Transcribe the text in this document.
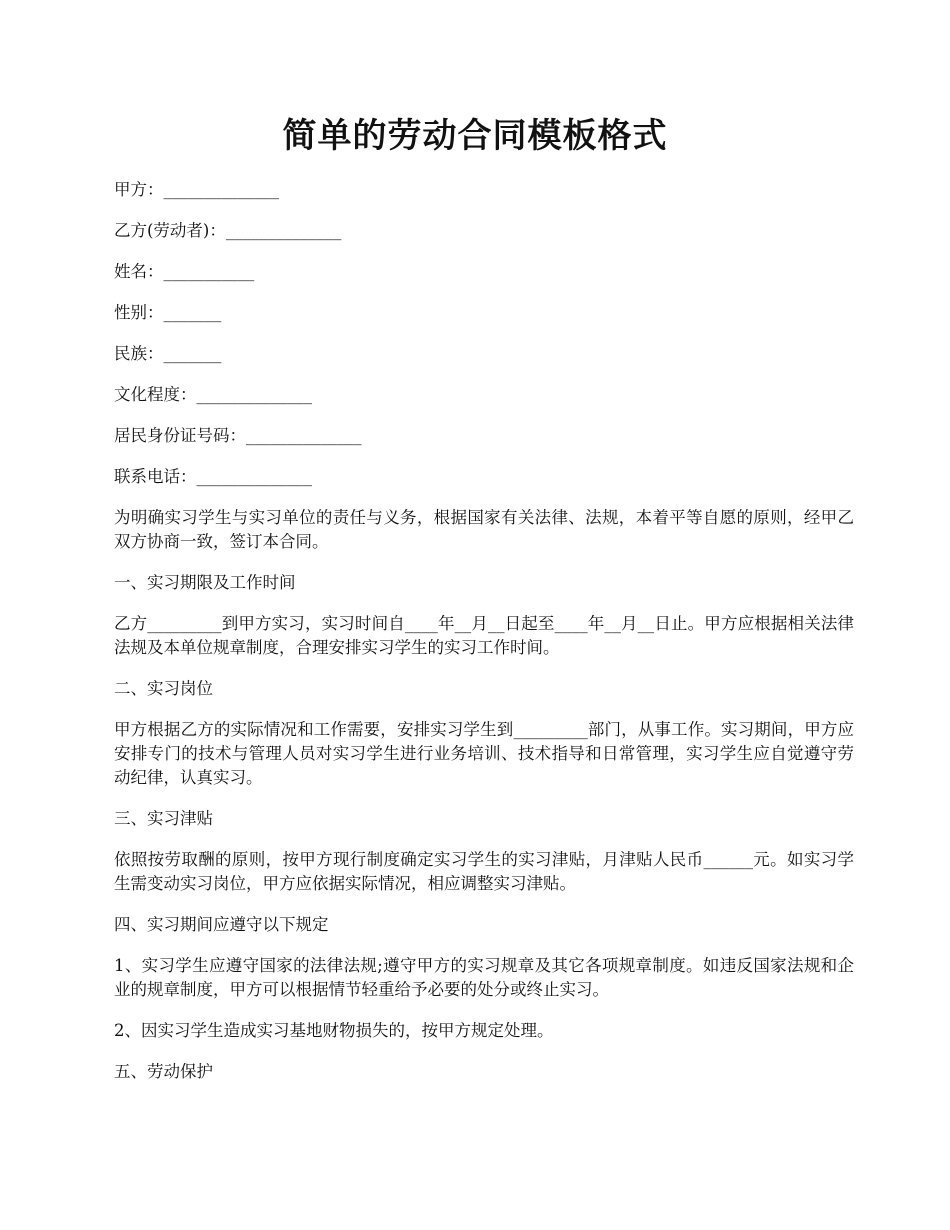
简单的劳动合同模板格式
甲方：______________
乙方(劳动者)：______________
姓名：___________
性别：_______
民族：_______
文化程度：______________
居民身份证号码：______________
联系电话：______________
为明确实习学生与实习单位的责任与义务，根据国家有关法律、法规，本着平等自愿的原则，经甲乙双方协商一致，签订本合同。
一、实习期限及工作时间
乙方_________到甲方实习，实习时间自____年__月__日起至____年__月__日止。甲方应根据相关法律法规及本单位规章制度，合理安排实习学生的实习工作时间。
二、实习岗位
甲方根据乙方的实际情况和工作需要，安排实习学生到_________部门，从事工作。实习期间，甲方应安排专门的技术与管理人员对实习学生进行业务培训、技术指导和日常管理，实习学生应自觉遵守劳动纪律，认真实习。
三、实习津贴
依照按劳取酬的原则，按甲方现行制度确定实习学生的实习津贴，月津贴人民币______元。如实习学生需变动实习岗位，甲方应依据实际情况，相应调整实习津贴。
四、实习期间应遵守以下规定
1、实习学生应遵守国家的法律法规;遵守甲方的实习规章及其它各项规章制度。如违反国家法规和企业的规章制度，甲方可以根据情节轻重给予必要的处分或终止实习。
2、因实习学生造成实习基地财物损失的，按甲方规定处理。
五、劳动保护
